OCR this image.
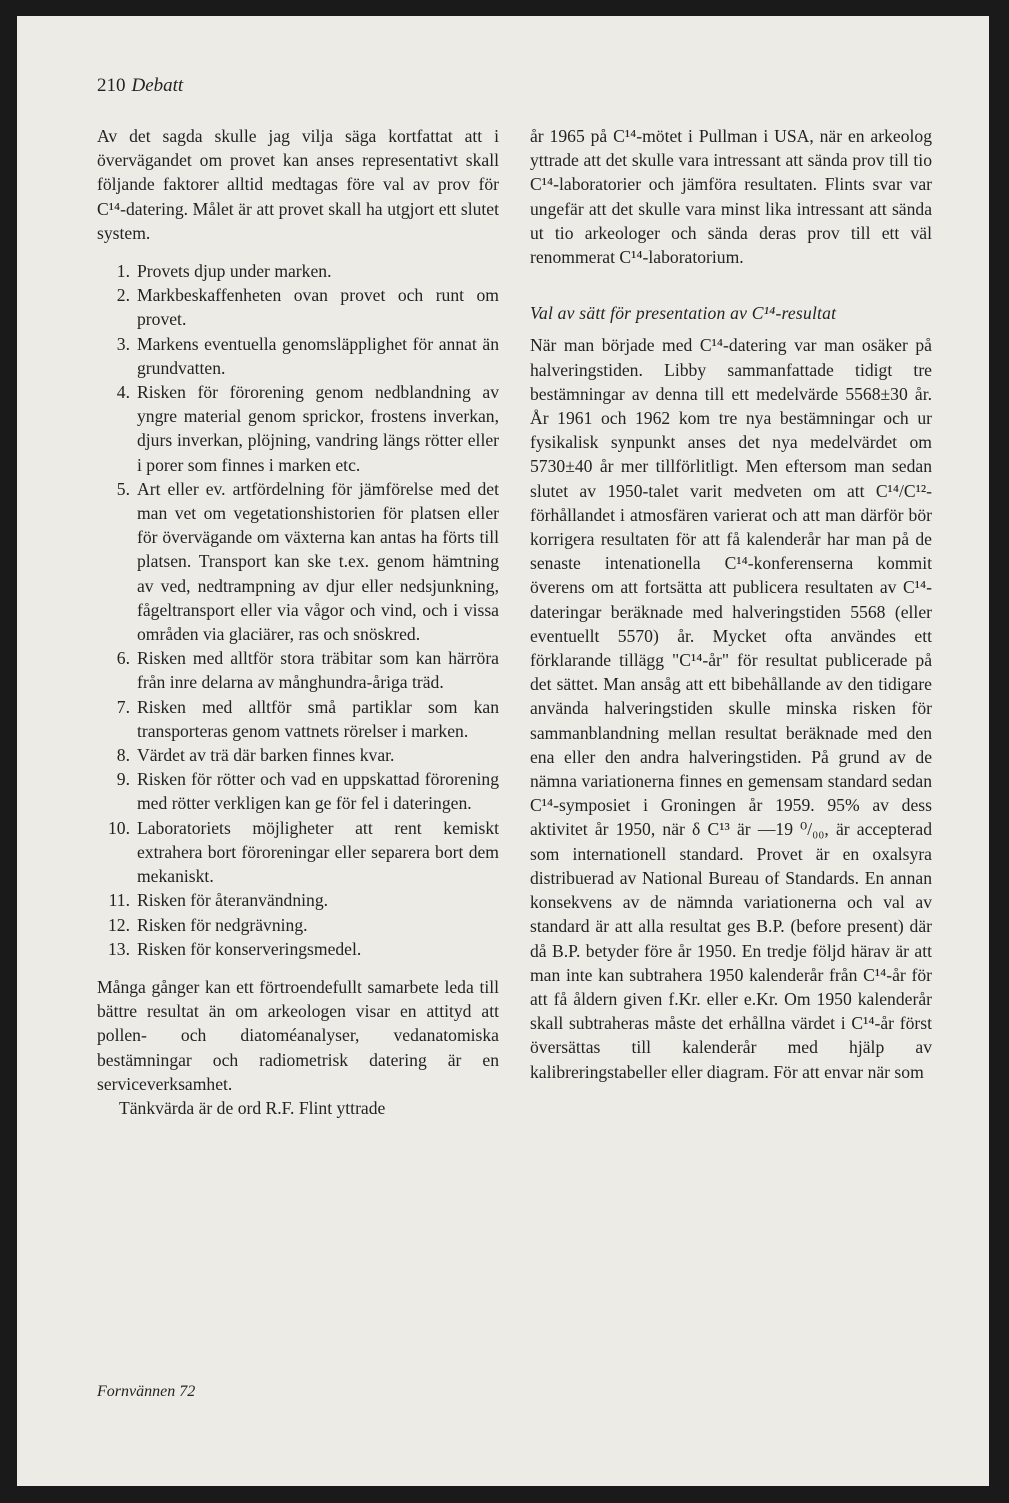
210 Debatt

Av det sagda skulle jag vilja säga kortfattat att i övervägandet om provet kan anses representativt skall följande faktorer alltid medtagas före val av prov för C¹⁴-datering. Målet är att provet skall ha utgjort ett slutet system.

1. Provets djup under marken.
2. Markbeskaffenheten ovan provet och runt om provet.
3. Markens eventuella genomsläpplighet för annat än grundvatten.
4. Risken för förorening genom nedblandning av yngre material genom sprickor, frostens inverkan, djurs inverkan, plöjning, vandring längs rötter eller i porer som finnes i marken etc.
5. Art eller ev. artfördelning för jämförelse med det man vet om vegetationshistorien för platsen eller för övervägande om växterna kan antas ha förts till platsen. Transport kan ske t.ex. genom hämtning av ved, nedtrampning av djur eller nedsjunkning, fågeltransport eller via vågor och vind, och i vissa områden via glaciärer, ras och snöskred.
6. Risken med alltför stora träbitar som kan härröra från inre delarna av månghundra-åriga träd.
7. Risken med alltför små partiklar som kan transporteras genom vattnets rörelser i marken.
8. Värdet av trä där barken finnes kvar.
9. Risken för rötter och vad en uppskattad förorening med rötter verkligen kan ge för fel i dateringen.
10. Laboratoriets möjligheter att rent kemiskt extrahera bort föroreningar eller separera bort dem mekaniskt.
11. Risken för återanvändning.
12. Risken för nedgrävning.
13. Risken för konserveringsmedel.

Många gånger kan ett förtroendefullt samarbete leda till bättre resultat än om arkeologen visar en attityd att pollen- och diatoméanalyser, vedanatomiska bestämningar och radiometrisk datering är en serviceverksamhet.

Tänkvärda är de ord R.F. Flint yttrade

år 1965 på C¹⁴-mötet i Pullman i USA, när en arkeolog yttrade att det skulle vara intressant att sända prov till tio C¹⁴-laboratorier och jämföra resultaten. Flints svar var ungefär att det skulle vara minst lika intressant att sända ut tio arkeologer och sända deras prov till ett väl renommerat C¹⁴-laboratorium.

Val av sätt för presentation av C¹⁴-resultat

När man började med C¹⁴-datering var man osäker på halveringstiden. Libby sammanfattade tidigt tre bestämningar av denna till ett medelvärde 5568±30 år. År 1961 och 1962 kom tre nya bestämningar och ur fysikalisk synpunkt anses det nya medelvärdet om 5730±40 år mer tillförlitligt. Men eftersom man sedan slutet av 1950-talet varit medveten om att C¹⁴/C¹²-förhållandet i atmosfären varierat och att man därför bör korrigera resultaten för att få kalenderår har man på de senaste intenationella C¹⁴-konferenserna kommit överens om att fortsätta att publicera resultaten av C¹⁴-dateringar beräknade med halveringstiden 5568 (eller eventuellt 5570) år. Mycket ofta användes ett förklarande tillägg "C¹⁴-år" för resultat publicerade på det sättet. Man ansåg att ett bibehållande av den tidigare använda halveringstiden skulle minska risken för sammanblandning mellan resultat beräknade med den ena eller den andra halveringstiden. På grund av de nämna variationerna finnes en gemensam standard sedan C¹⁴-symposiet i Groningen år 1959. 95% av dess aktivitet år 1950, när δ C¹³ är —19 ⁰/₀₀, är accepterad som internationell standard. Provet är en oxalsyra distribuerad av National Bureau of Standards. En annan konsekvens av de nämnda variationerna och val av standard är att alla resultat ges B.P. (before present) där då B.P. betyder före år 1950. En tredje följd härav är att man inte kan subtrahera 1950 kalenderår från C¹⁴-år för att få åldern given f.Kr. eller e.Kr. Om 1950 kalenderår skall subtraheras måste det erhållna värdet i C¹⁴-år först översättas till kalenderår med hjälp av kalibreringstabeller eller diagram. För att envar när som

Fornvännen 72
